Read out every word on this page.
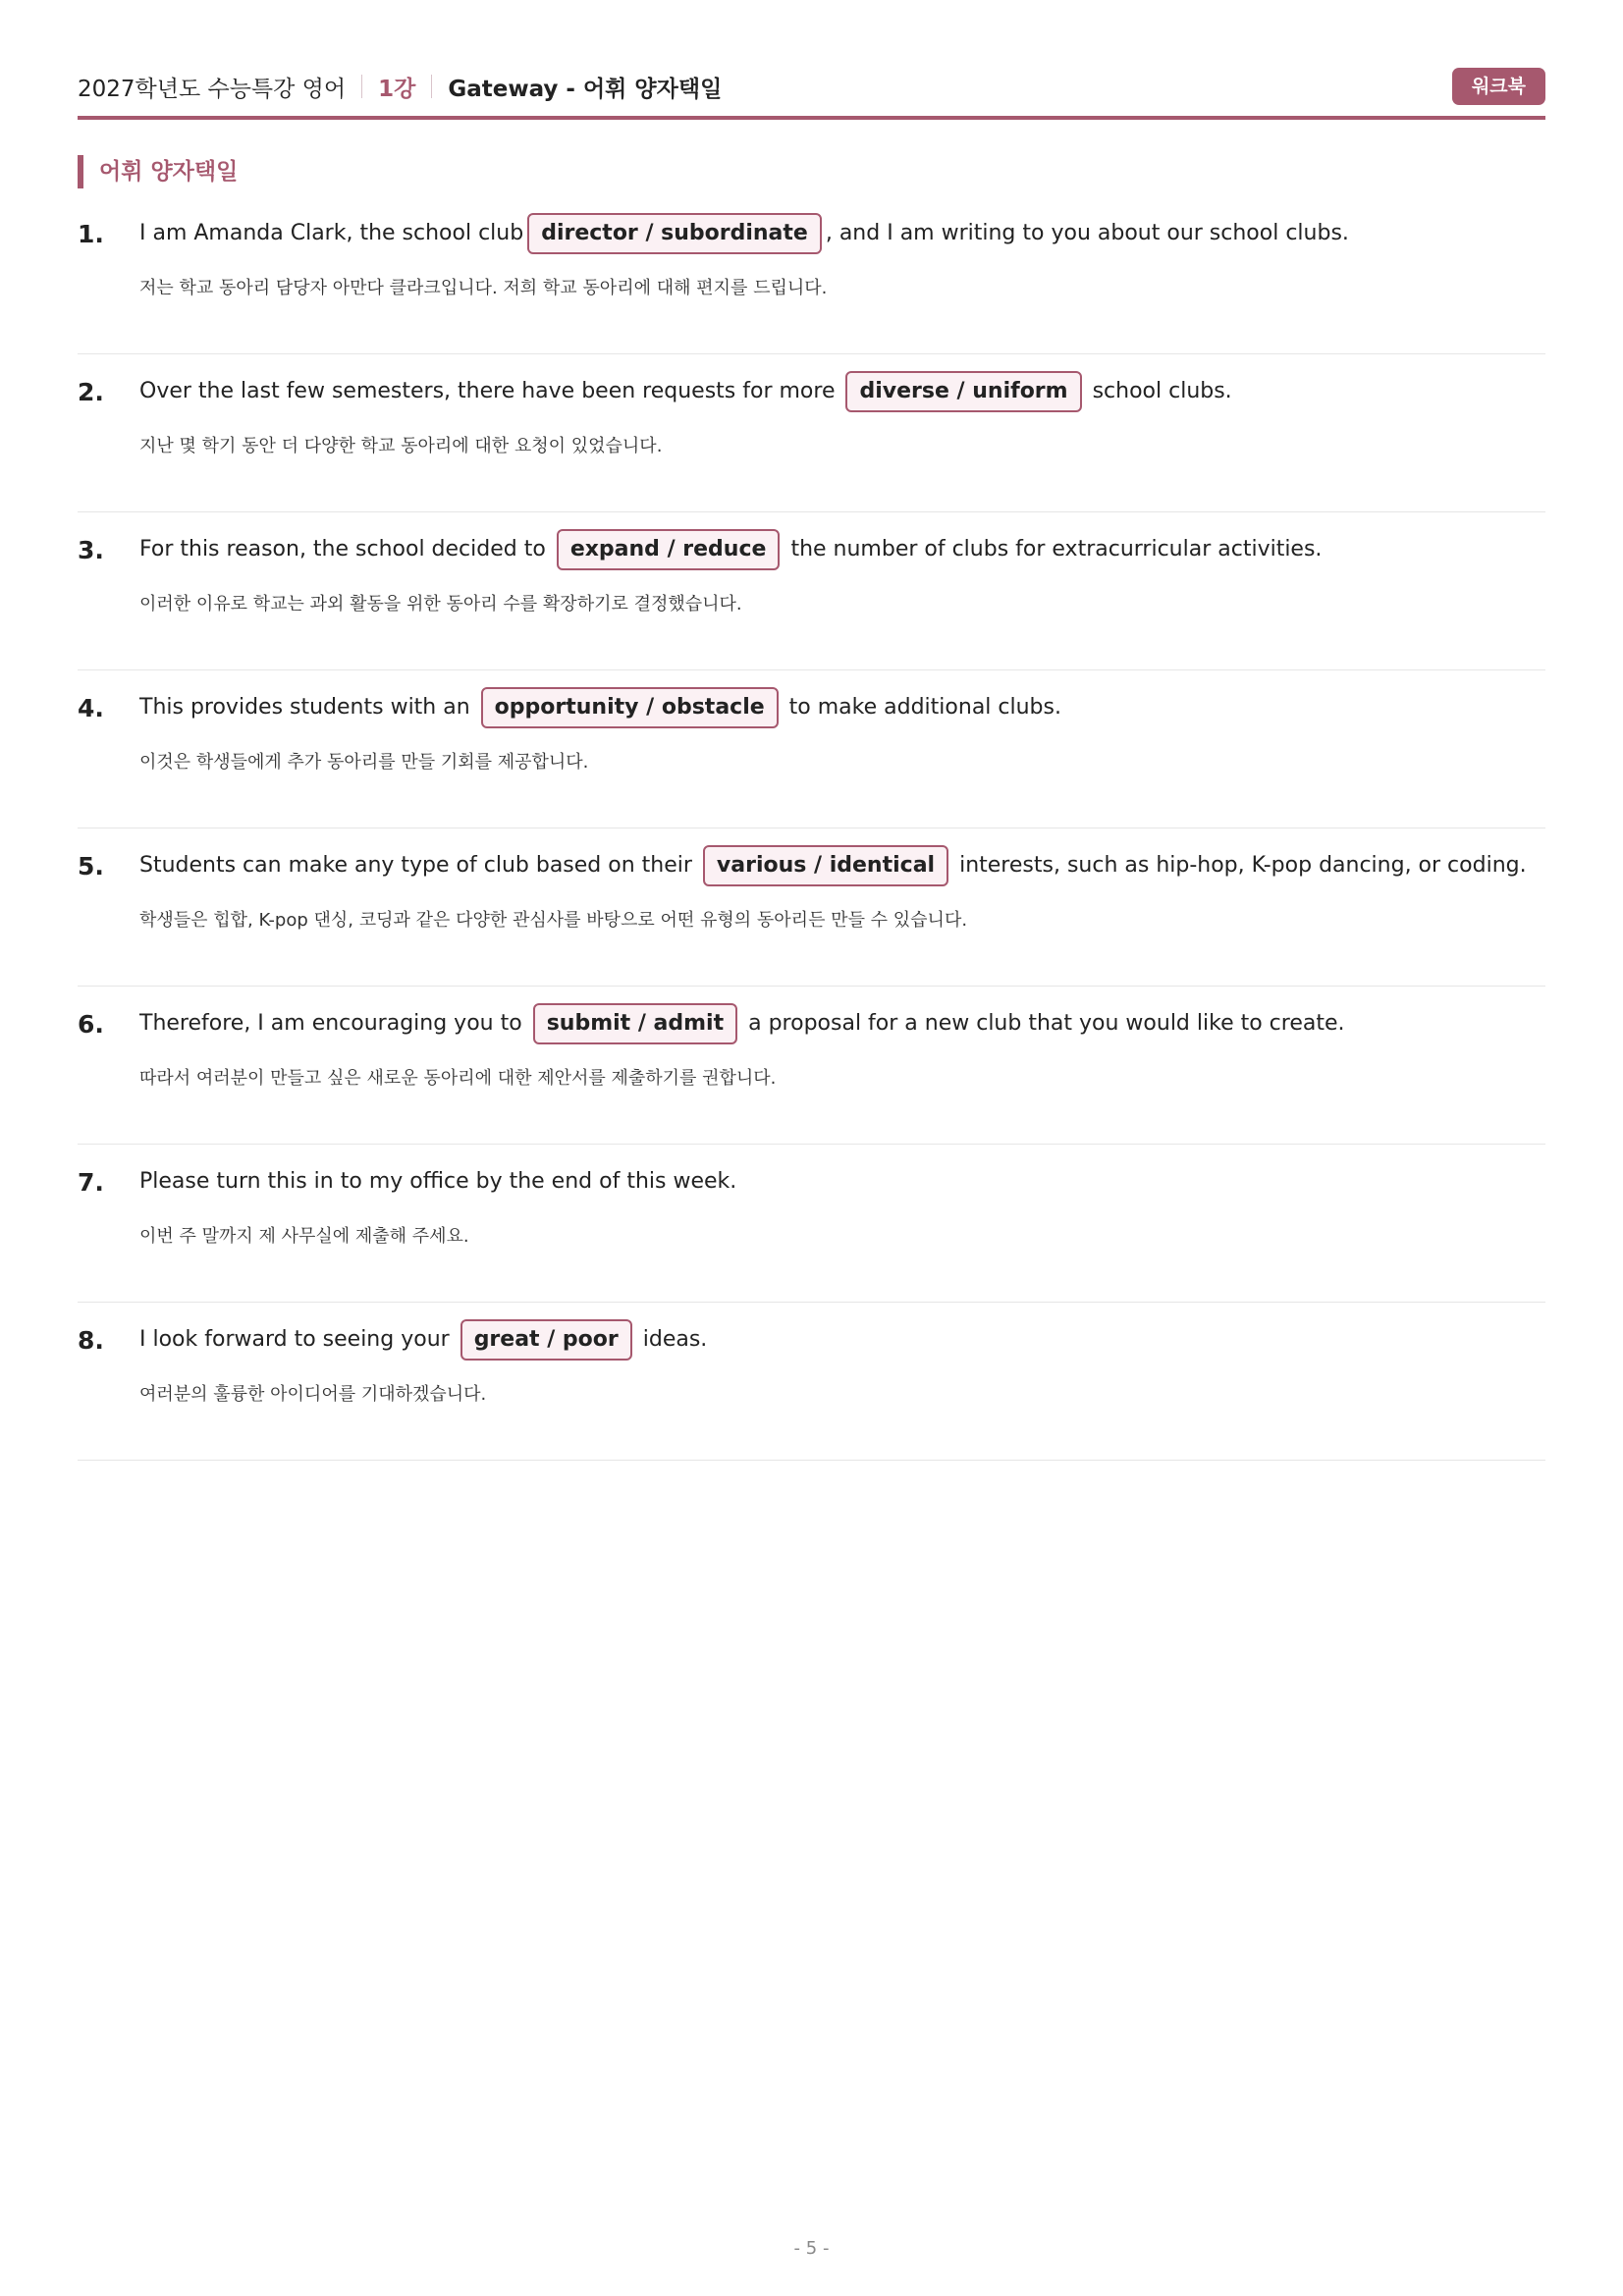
2027학년도 수능특강 영어 1강 Gateway - 어휘 양자택일	워크북
어휘 양자택일
1. I am Amanda Clark, the school club director / subordinate , and I am writing to you about our school clubs.
저는 학교 동아리 담당자 아만다 클라크입니다. 저희 학교 동아리에 대해 편지를 드립니다.
2. Over the last few semesters, there have been requests for more diverse / uniform school clubs.
지난 몇 학기 동안 더 다양한 학교 동아리에 대한 요청이 있었습니다.
3. For this reason, the school decided to expand / reduce the number of clubs for extracurricular activities.
이러한 이유로 학교는 과외 활동을 위한 동아리 수를 확장하기로 결정했습니다.
4. This provides students with an opportunity / obstacle to make additional clubs.
이것은 학생들에게 추가 동아리를 만들 기회를 제공합니다.
5. Students can make any type of club based on their various / identical interests, such as hip-hop, K-pop dancing, or coding.
학생들은 힙합, K-pop 댄싱, 코딩과 같은 다양한 관심사를 바탕으로 어떤 유형의 동아리든 만들 수 있습니다.
6. Therefore, I am encouraging you to submit / admit a proposal for a new club that you would like to create.
따라서 여러분이 만들고 싶은 새로운 동아리에 대한 제안서를 제출하기를 권합니다.
7. Please turn this in to my office by the end of this week.
이번 주 말까지 제 사무실에 제출해 주세요.
8. I look forward to seeing your great / poor ideas.
여러분의 훌륭한 아이디어를 기대하겠습니다.
- 5 -
